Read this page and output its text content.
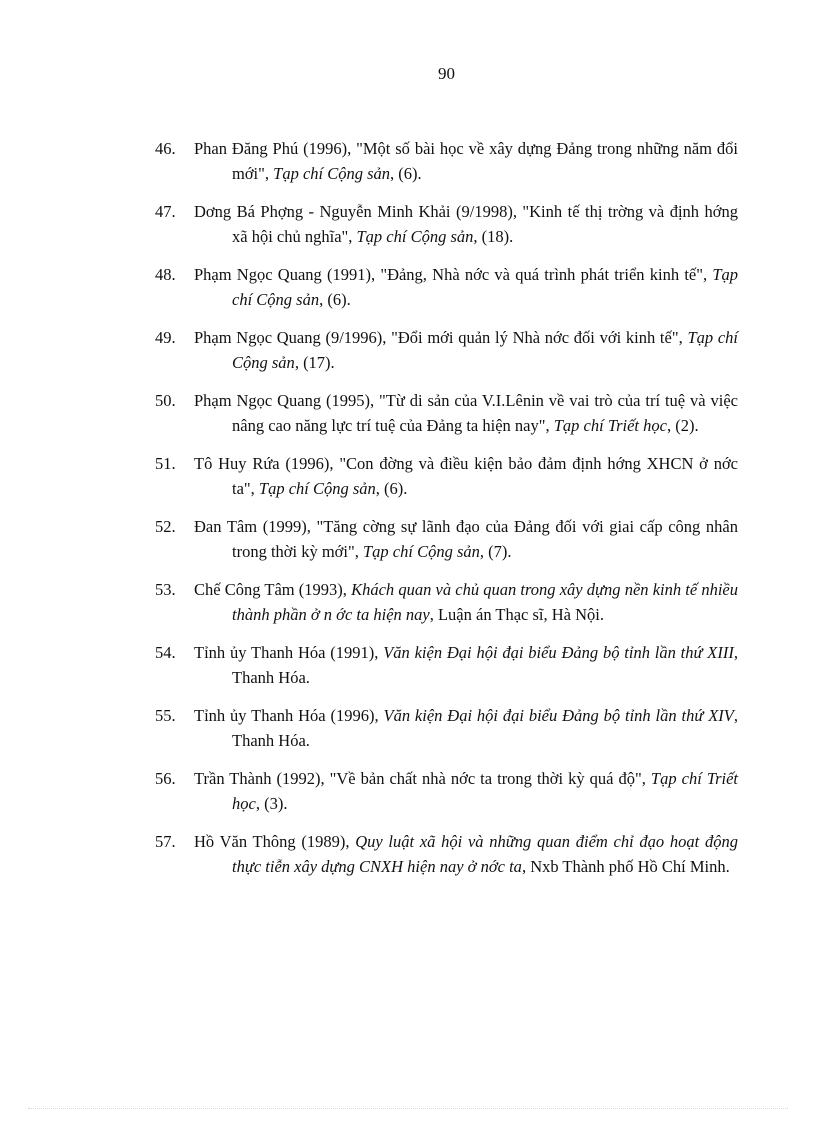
90
46.	Phan Đăng Phú (1996), "Một số bài học về xây dựng Đảng trong những năm đổi mới", Tạp chí Cộng sản, (6).
47.	Dơng Bá Phợng - Nguyễn Minh Khải (9/1998), "Kinh tế thị trờng và định hớng xã hội chủ nghĩa", Tạp chí Cộng sản, (18).
48.	Phạm Ngọc Quang (1991), "Đảng, Nhà nớc và quá trình phát triển kinh tế", Tạp chí Cộng sản, (6).
49.	Phạm Ngọc Quang (9/1996), "Đổi mới quản lý Nhà nớc đối với kinh tế", Tạp chí Cộng sản, (17).
50.	Phạm Ngọc Quang (1995), "Từ di sản của V.I.Lênin về vai trò của trí tuệ và việc nâng cao năng lực trí tuệ của Đảng ta hiện nay", Tạp chí Triết học, (2).
51.	Tô Huy Rứa (1996), "Con đờng và điều kiện bảo đảm định hớng XHCN ở nớc ta", Tạp chí Cộng sản, (6).
52.	Đan Tâm (1999), "Tăng cờng sự lãnh đạo của Đảng đối với giai cấp công nhân trong thời kỳ mới", Tạp chí Cộng sản, (7).
53.	Chế Công Tâm (1993), Khách quan và chủ quan trong xây dựng nền kinh tế nhiều thành phần ở n ớc ta hiện nay, Luận án Thạc sĩ, Hà Nội.
54.	Tỉnh ủy Thanh Hóa (1991), Văn kiện Đại hội đại biểu Đảng bộ tỉnh lần thứ XIII, Thanh Hóa.
55.	Tỉnh ủy Thanh Hóa (1996), Văn kiện Đại hội đại biểu Đảng bộ tỉnh lần thứ XIV, Thanh Hóa.
56.	Trần Thành (1992), "Về bản chất nhà nớc ta trong thời kỳ quá độ", Tạp chí Triết học, (3).
57.	Hồ Văn Thông (1989), Quy luật xã hội và những quan điểm chỉ đạo hoạt động thực tiễn xây dựng CNXH hiện nay ở nớc ta, Nxb Thành phố Hồ Chí Minh.
